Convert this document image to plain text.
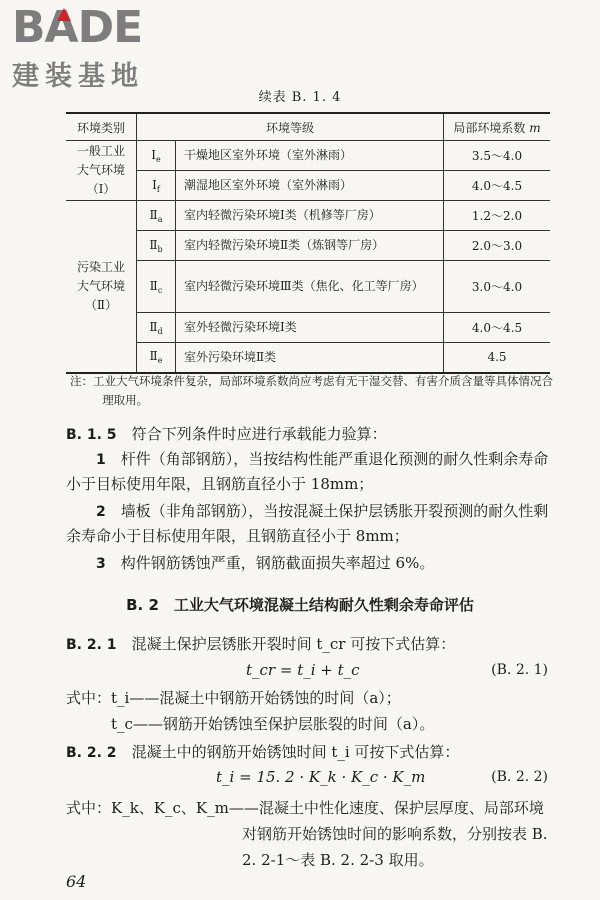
B A D E
建装基地
续表 B. 1. 4
环境类别	环境等级		局部环境系数 m
一般工业
大气环境
（Ⅰ）	$Ⅰ_e$	干燥地区室外环境（室外淋雨）	3.5～4.0
	$Ⅰ_f$	潮湿地区室外环境（室外淋雨）	4.0～4.5
污染工业
大气环境
（Ⅱ）	$Ⅱ_a$	室内轻微污染环境Ⅰ类（机修等厂房）	1.2～2.0
	$Ⅱ_b$	室内轻微污染环境Ⅱ类（炼钢等厂房）	2.0～3.0
	$Ⅱ_c$	室内轻微污染环境Ⅲ类（焦化、化工等厂房）	3.0～4.0
	$Ⅱ_d$	室外轻微污染环境Ⅰ类	4.0～4.5
	$Ⅱ_e$	室外污染环境Ⅱ类	4.5
注：工业大气环境条件复杂，局部环境系数尚应考虑有无干湿交替、有害介质含量等具体情况合理取用。
B. 1. 5　 符合下列条件时应进行承载能力验算：
1　 杆件（角部钢筋），当按结构性能严重退化预测的耐久性剩余寿命小于目标使用年限，且钢筋直径小于 18mm；
2　 墙板（非角部钢筋），当按混凝土保护层锈胀开裂预测的耐久性剩余寿命小于目标使用年限，且钢筋直径小于 8mm；
3　 构件钢筋锈蚀严重，钢筋截面损失率超过 6%。
B. 2　工业大气环境混凝土结构耐久性剩余寿命评估
B. 2. 1　 混凝土保护层锈胀开裂时间 t_cr 可按下式估算：
t_cr = t_i + t_c	(B. 2. 1)
式中：t_i——混凝土中钢筋开始锈蚀的时间（a）；
t_c——钢筋开始锈蚀至保护层胀裂的时间（a）。
B. 2. 2　 混凝土中的钢筋开始锈蚀时间 t_i 可按下式估算：
t_i = 15. 2 · K_k · K_c · K_m	(B. 2. 2)
式中：K_k、K_c、K_m——混凝土中性化速度、保护层厚度、局部环境对钢筋开始锈蚀时间的影响系数，分别按表 B. 2. 2-1～表 B. 2. 2-3 取用。
64
